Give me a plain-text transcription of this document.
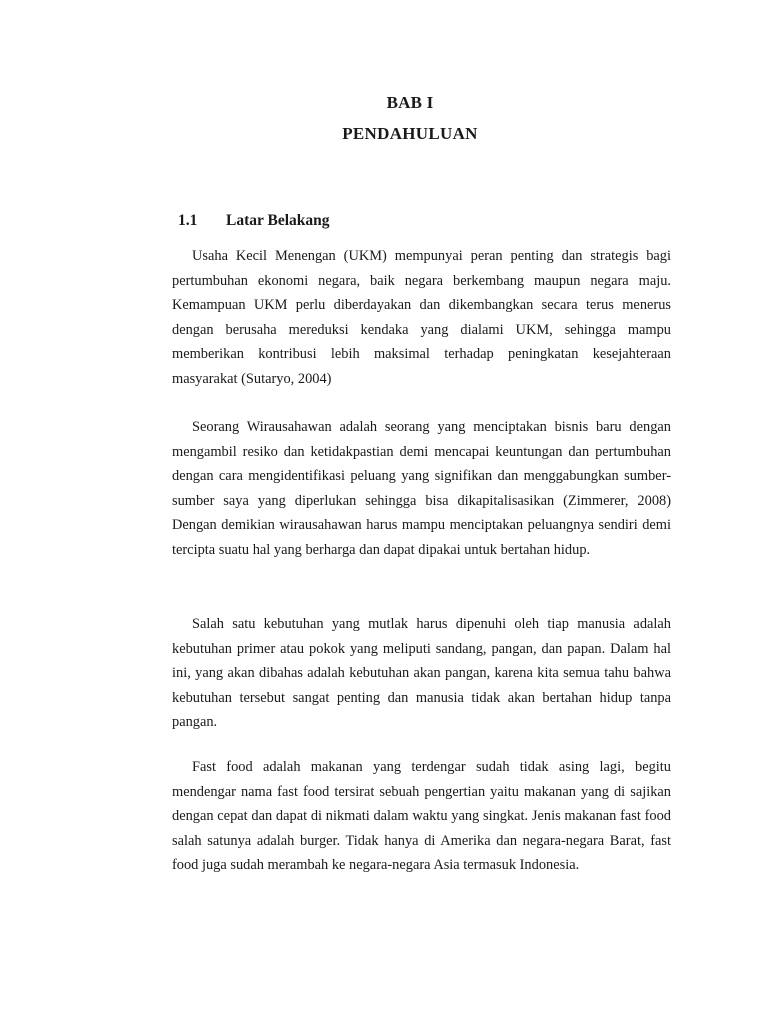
BAB I
PENDAHULUAN
1.1 Latar Belakang

Usaha Kecil Menengan (UKM) mempunyai peran penting dan strategis bagi pertumbuhan ekonomi negara, baik negara berkembang maupun negara maju. Kemampuan UKM perlu diberdayakan dan dikembangkan secara terus menerus dengan berusaha mereduksi kendaka yang dialami UKM, sehingga mampu memberikan kontribusi lebih maksimal terhadap peningkatan kesejahteraan masyarakat (Sutaryo, 2004)

Seorang Wirausahawan adalah seorang yang menciptakan bisnis baru dengan mengambil resiko dan ketidakpastian demi mencapai keuntungan dan pertumbuhan dengan cara mengidentifikasi peluang yang signifikan dan menggabungkan sumber-sumber saya yang diperlukan sehingga bisa dikapitalisasikan (Zimmerer, 2008) Dengan demikian wirausahawan harus mampu menciptakan peluangnya sendiri demi tercipta suatu hal yang berharga dan dapat dipakai untuk bertahan hidup.

Salah satu kebutuhan yang mutlak harus dipenuhi oleh tiap manusia adalah kebutuhan primer atau pokok yang meliputi sandang, pangan, dan papan. Dalam hal ini, yang akan dibahas adalah kebutuhan akan pangan, karena kita semua tahu bahwa kebutuhan tersebut sangat penting dan manusia tidak akan bertahan hidup tanpa pangan.

Fast food adalah makanan yang terdengar sudah tidak asing lagi, begitu mendengar nama fast food tersirat sebuah pengertian yaitu makanan yang di sajikan dengan cepat dan dapat di nikmati dalam waktu yang singkat. Jenis makanan fast food salah satunya adalah burger. Tidak hanya di Amerika dan negara-negara Barat, fast food juga sudah merambah ke negara-negara Asia termasuk Indonesia.
